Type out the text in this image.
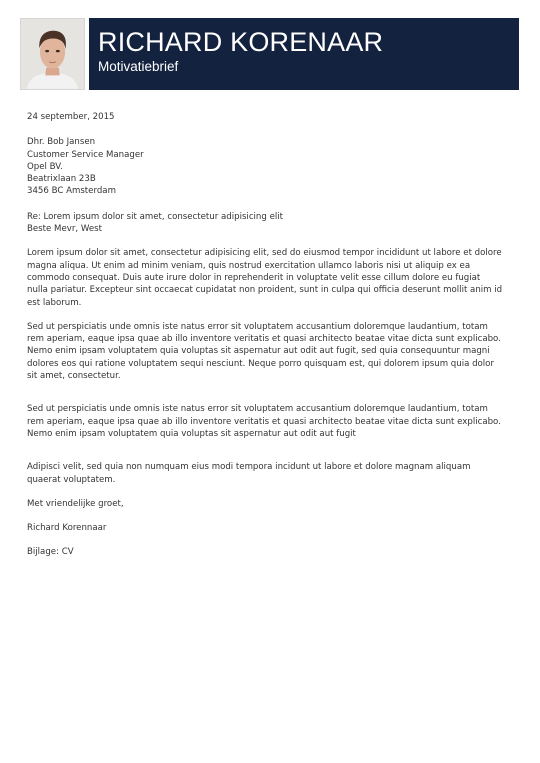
RICHARD KORENAAR
Motivatiebrief

24 september, 2015

Dhr. Bob Jansen

Customer Service Manager

Opel BV.

Beatrixlaan 23B

3456 BC Amsterdam

Re: Lorem ipsum dolor sit amet, consectetur adipisicing elit

Beste Mevr, West

Lorem ipsum dolor sit amet, consectetur adipisicing elit, sed do eiusmod tempor incididunt ut labore et dolore magna aliqua. Ut enim ad minim veniam, quis nostrud exercitation ullamco laboris nisi ut aliquip ex ea commodo consequat. Duis aute irure dolor in reprehenderit in voluptate velit esse cillum dolore eu fugiat nulla pariatur. Excepteur sint occaecat cupidatat non proident, sunt in culpa qui officia deserunt mollit anim id est laborum.

Sed ut perspiciatis unde omnis iste natus error sit voluptatem accusantium doloremque laudantium, totam rem aperiam, eaque ipsa quae ab illo inventore veritatis et quasi architecto beatae vitae dicta sunt explicabo. Nemo enim ipsam voluptatem quia voluptas sit aspernatur aut odit aut fugit, sed quia consequuntur magni dolores eos qui ratione voluptatem sequi nesciunt. Neque porro quisquam est, qui dolorem ipsum quia dolor sit amet, consectetur.

Sed ut perspiciatis unde omnis iste natus error sit voluptatem accusantium doloremque laudantium, totam rem aperiam, eaque ipsa quae ab illo inventore veritatis et quasi architecto beatae vitae dicta sunt explicabo. Nemo enim ipsam voluptatem quia voluptas sit aspernatur aut odit aut fugit

Adipisci velit, sed quia non numquam eius modi tempora incidunt ut labore et dolore magnam aliquam quaerat voluptatem.

Met vriendelijke groet,

Richard Korennaar

Bijlage: CV
